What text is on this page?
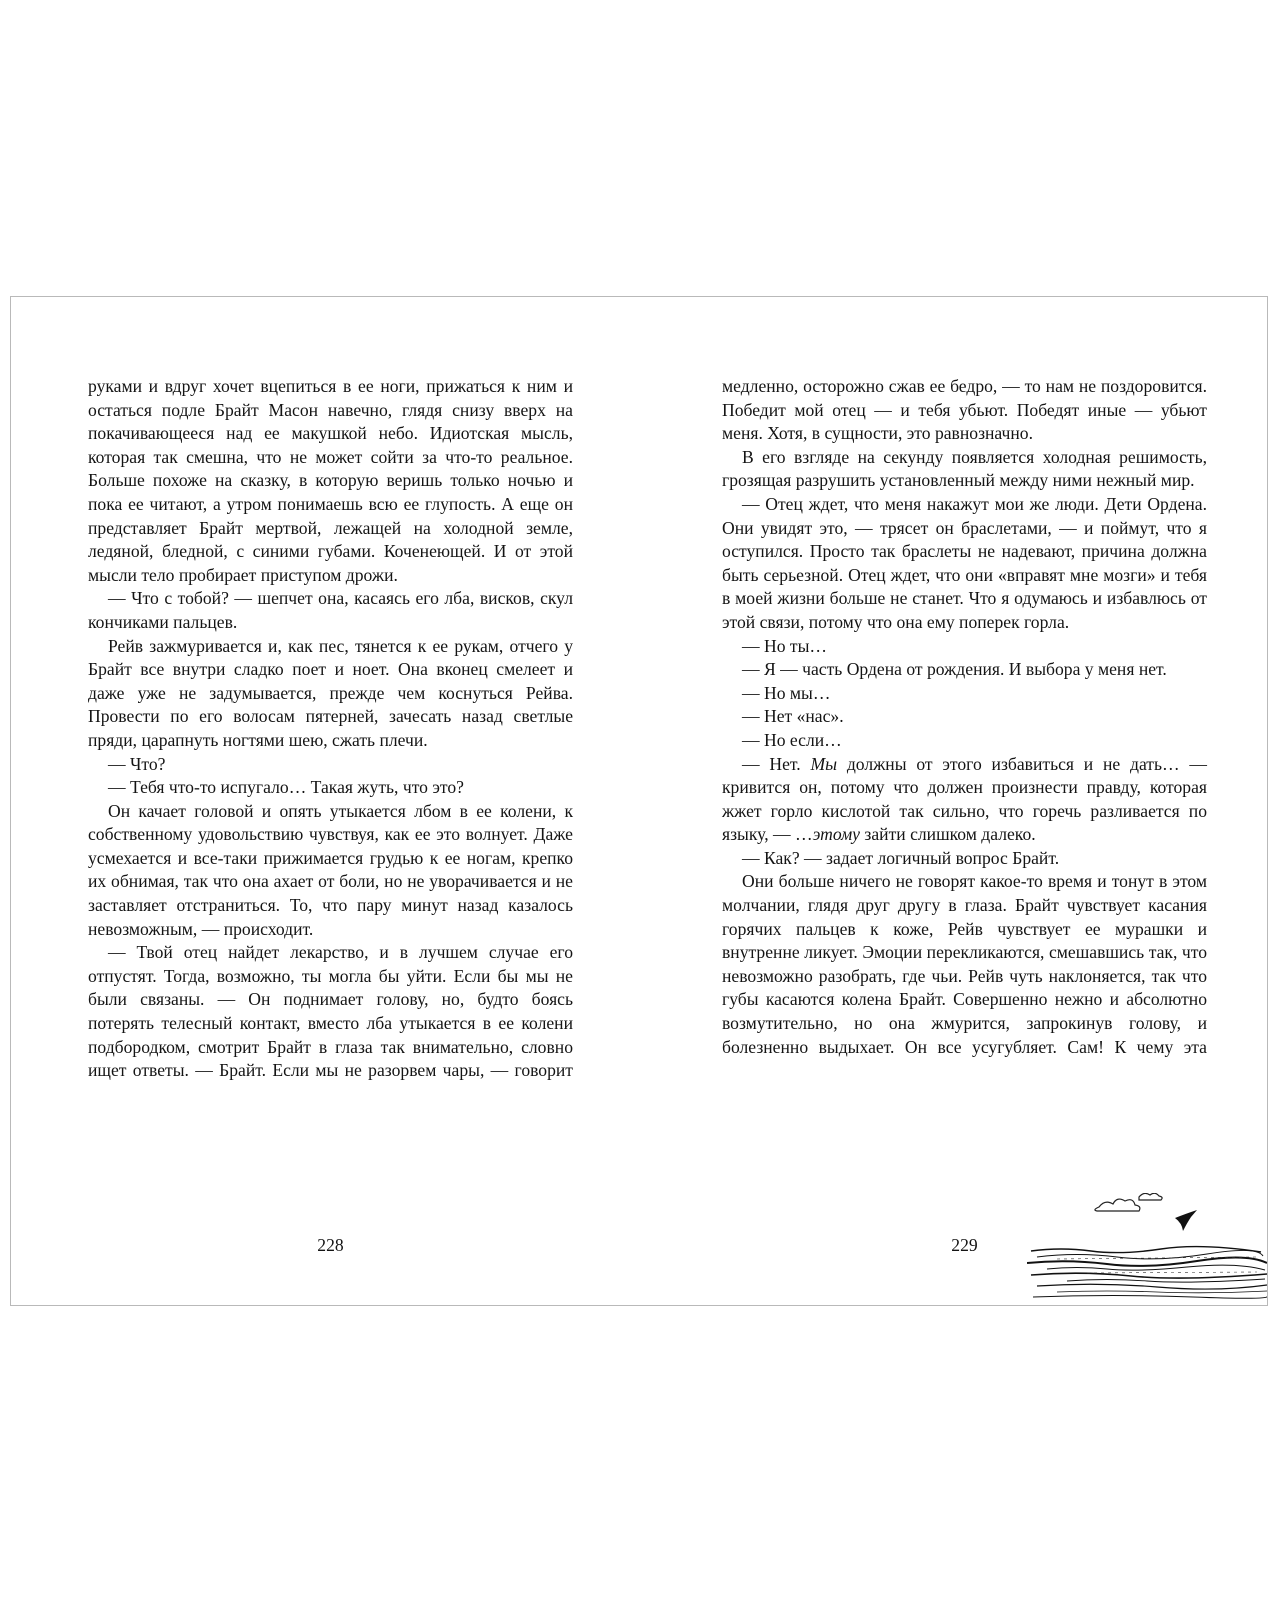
руками и вдруг хочет вцепиться в ее ноги, прижаться к ним и остаться подле Брайт Масон навечно, глядя снизу вверх на покачивающееся над ее макушкой небо. Идиотская мысль, которая так смешна, что не может сойти за что-то реальное. Больше похоже на сказку, в которую веришь только ночью и пока ее читают, а утром понимаешь всю ее глупость. А еще он представляет Брайт мертвой, лежащей на холодной земле, ледяной, бледной, с синими губами. Коченеющей. И от этой мысли тело пробирает приступом дрожи.

— Что с тобой? — шепчет она, касаясь его лба, висков, скул кончиками пальцев.

Рейв зажмуривается и, как пес, тянется к ее рукам, отчего у Брайт все внутри сладко поет и ноет. Она вконец смелеет и даже уже не задумывается, прежде чем коснуться Рейва. Провести по его волосам пятерней, зачесать назад светлые пряди, царапнуть ногтями шею, сжать плечи.

— Что?

— Тебя что-то испугало… Такая жуть, что это?

Он качает головой и опять утыкается лбом в ее колени, к собственному удовольствию чувствуя, как ее это волнует. Даже усмехается и все-таки прижимается грудью к ее ногам, крепко их обнимая, так что она ахает от боли, но не уворачивается и не заставляет отстраниться. То, что пару минут назад казалось невозможным, — происходит.

— Твой отец найдет лекарство, и в лучшем случае его отпустят. Тогда, возможно, ты могла бы уйти. Если бы мы не были связаны. — Он поднимает голову, но, будто боясь потерять телесный контакт, вместо лба утыкается в ее колени подбородком, смотрит Брайт в глаза так внимательно, словно ищет ответы. — Брайт. Если мы не разорвем чары, — говорит

228

медленно, осторожно сжав ее бедро, — то нам не поздоровится. Победит мой отец — и тебя убьют. Победят иные — убьют меня. Хотя, в сущности, это равнозначно.

В его взгляде на секунду появляется холодная решимость, грозящая разрушить установленный между ними нежный мир.

— Отец ждет, что меня накажут мои же люди. Дети Ордена. Они увидят это, — трясет он браслетами, — и поймут, что я оступился. Просто так браслеты не надевают, причина должна быть серьезной. Отец ждет, что они «вправят мне мозги» и тебя в моей жизни больше не станет. Что я одумаюсь и избавлюсь от этой связи, потому что она ему поперек горла.

— Но ты…

— Я — часть Ордена от рождения. И выбора у меня нет.

— Но мы…

— Нет «нас».

— Но если…

— Нет. Мы должны от этого избавиться и не дать… — кривится он, потому что должен произнести правду, которая жжет горло кислотой так сильно, что горечь разливается по языку, — …этому зайти слишком далеко.

— Как? — задает логичный вопрос Брайт.

Они больше ничего не говорят какое-то время и тонут в этом молчании, глядя друг другу в глаза. Брайт чувствует касания горячих пальцев к коже, Рейв чувствует ее мурашки и внутренне ликует. Эмоции перекликаются, смешавшись так, что невозможно разобрать, где чьи. Рейв чуть наклоняется, так что губы касаются колена Брайт. Совершенно нежно и абсолютно возмутительно, но она жмурится, запрокинув голову, и болезненно выдыхает. Он все усугубляет. Сам! К чему эта

229
